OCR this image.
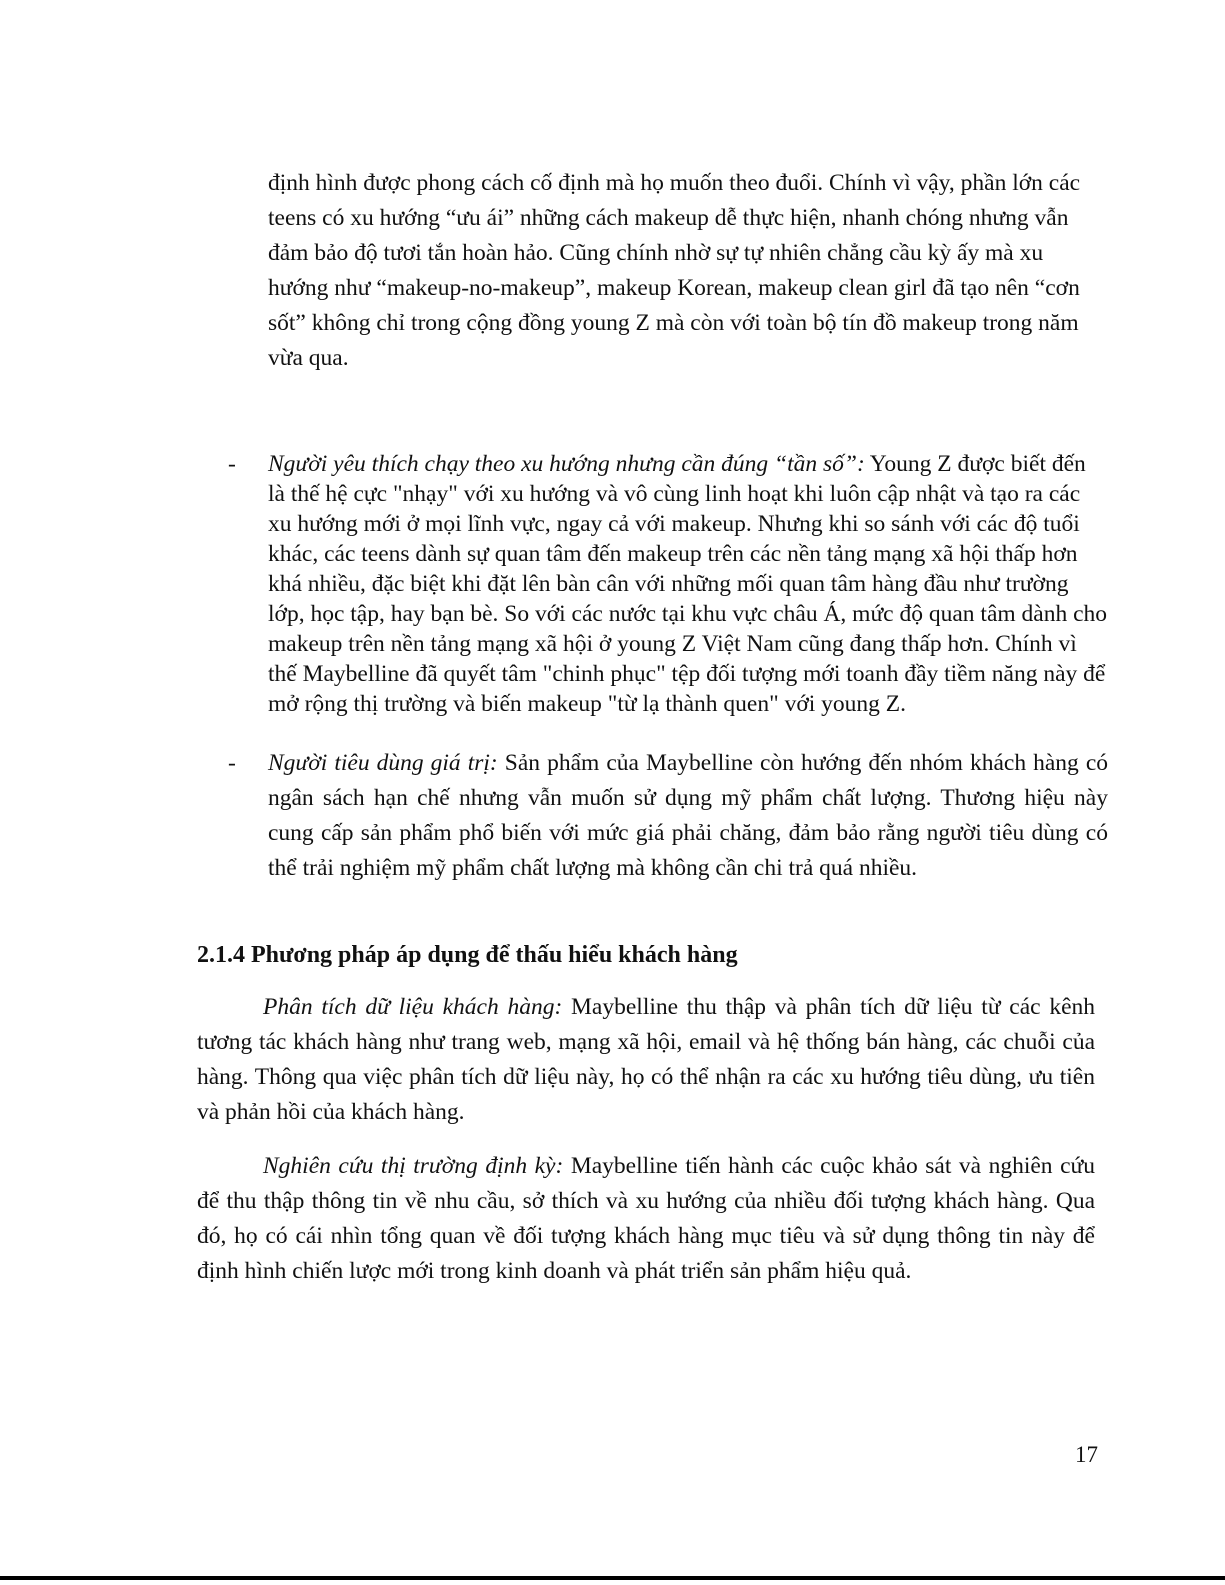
định hình được phong cách cố định mà họ muốn theo đuổi. Chính vì vậy, phần lớn các teens có xu hướng “ưu ái” những cách makeup dễ thực hiện, nhanh chóng nhưng vẫn đảm bảo độ tươi tắn hoàn hảo. Cũng chính nhờ sự tự nhiên chẳng cầu kỳ ấy mà xu hướng như “makeup-no-makeup”, makeup Korean, makeup clean girl đã tạo nên “cơn sốt” không chỉ trong cộng đồng young Z mà còn với toàn bộ tín đồ makeup trong năm vừa qua.

-	Người yêu thích chạy theo xu hướng nhưng cần đúng “tần số”: Young Z được biết đến là thế hệ cực "nhạy" với xu hướng và vô cùng linh hoạt khi luôn cập nhật và tạo ra các xu hướng mới ở mọi lĩnh vực, ngay cả với makeup. Nhưng khi so sánh với các độ tuổi khác, các teens dành sự quan tâm đến makeup trên các nền tảng mạng xã hội thấp hơn khá nhiều, đặc biệt khi đặt lên bàn cân với những mối quan tâm hàng đầu như trường lớp, học tập, hay bạn bè. So với các nước tại khu vực châu Á, mức độ quan tâm dành cho makeup trên nền tảng mạng xã hội ở young Z Việt Nam cũng đang thấp hơn. Chính vì thế Maybelline đã quyết tâm "chinh phục" tệp đối tượng mới toanh đầy tiềm năng này để mở rộng thị trường và biến makeup "từ lạ thành quen" với young Z.
-	Người tiêu dùng giá trị: Sản phẩm của Maybelline còn hướng đến nhóm khách hàng có ngân sách hạn chế nhưng vẫn muốn sử dụng mỹ phẩm chất lượng. Thương hiệu này cung cấp sản phẩm phổ biến với mức giá phải chăng, đảm bảo rằng người tiêu dùng có thể trải nghiệm mỹ phẩm chất lượng mà không cần chi trả quá nhiều.
2.1.4 Phương pháp áp dụng để thấu hiểu khách hàng

Phân tích dữ liệu khách hàng: Maybelline thu thập và phân tích dữ liệu từ các kênh tương tác khách hàng như trang web, mạng xã hội, email và hệ thống bán hàng, các chuỗi của hàng. Thông qua việc phân tích dữ liệu này, họ có thể nhận ra các xu hướng tiêu dùng, ưu tiên và phản hồi của khách hàng.

Nghiên cứu thị trường định kỳ: Maybelline tiến hành các cuộc khảo sát và nghiên cứu để thu thập thông tin về nhu cầu, sở thích và xu hướng của nhiều đối tượng khách hàng. Qua đó, họ có cái nhìn tổng quan về đối tượng khách hàng mục tiêu và sử dụng thông tin này để định hình chiến lược mới trong kinh doanh và phát triển sản phẩm hiệu quả.

17
